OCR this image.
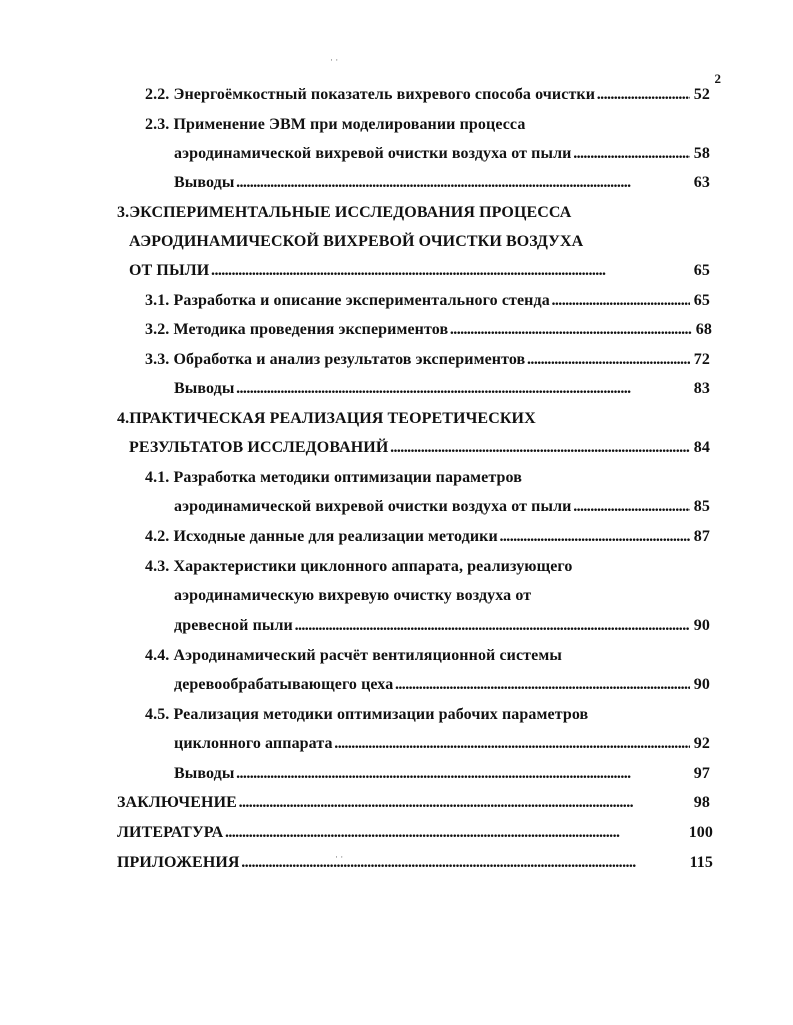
2
· ·
· ·
2.2. Энергоёмкостный показатель вихревого способа очистки . . .	52
2.3. Применение ЭВМ при моделировании процесса
аэродинамической вихревой очистки воздуха от пыли . . .	58
Выводы . . .	63
3.ЭКСПЕРИМЕНТАЛЬНЫЕ ИССЛЕДОВАНИЯ ПРОЦЕССА
АЭРОДИНАМИЧЕСКОЙ ВИХРЕВОЙ ОЧИСТКИ ВОЗДУХА
ОТ ПЫЛИ . . .	65
3.1. Разработка и описание экспериментального стенда . . .	65
3.2. Методика проведения экспериментов . . .	68
3.3. Обработка и анализ результатов экспериментов . . .	72
Выводы . . .	83
4.ПРАКТИЧЕСКАЯ РЕАЛИЗАЦИЯ ТЕОРЕТИЧЕСКИХ
РЕЗУЛЬТАТОВ ИССЛЕДОВАНИЙ . . .	84
4.1. Разработка методики оптимизации параметров
аэродинамической вихревой очистки воздуха от пыли . . .	85
4.2. Исходные данные для реализации методики . . .	87
4.3. Характеристики циклонного аппарата, реализующего
аэродинамическую вихревую очистку воздуха от
древесной пыли . . .	90
4.4. Аэродинамический расчёт вентиляционной системы
деревообрабатывающего цеха . . .	90
4.5. Реализация методики оптимизации рабочих параметров
циклонного аппарата . . .	92
Выводы . . .	97
ЗАКЛЮЧЕНИЕ . . .	98
ЛИТЕРАТУРА . . .	100
ПРИЛОЖЕНИЯ . . .	115
